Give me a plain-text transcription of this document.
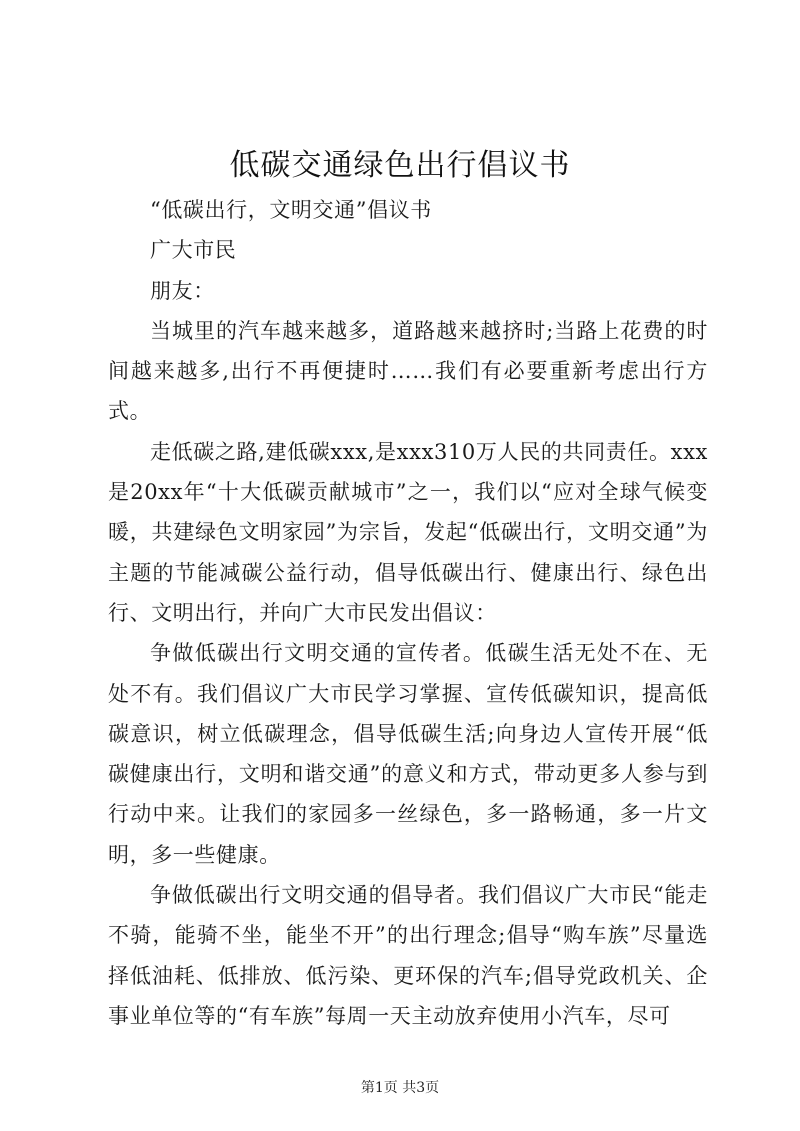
低碳交通绿色出行倡议书

“低碳出行，文明交通”倡议书

广大市民

朋友：

当城里的汽车越来越多，道路越来越挤时;当路上花费的时间越来越多,出行不再便捷时……我们有必要重新考虑出行方式。

走低碳之路,建低碳xxx,是xxx310万人民的共同责任。xxx是20xx年“十大低碳贡献城市”之一，我们以“应对全球气候变暖，共建绿色文明家园”为宗旨，发起“低碳出行，文明交通”为主题的节能减碳公益行动，倡导低碳出行、健康出行、绿色出行、文明出行，并向广大市民发出倡议：

争做低碳出行文明交通的宣传者。低碳生活无处不在、无处不有。我们倡议广大市民学习掌握、宣传低碳知识，提高低碳意识，树立低碳理念，倡导低碳生活;向身边人宣传开展“低碳健康出行，文明和谐交通”的意义和方式，带动更多人参与到行动中来。让我们的家园多一丝绿色，多一路畅通，多一片文明，多一些健康。

争做低碳出行文明交通的倡导者。我们倡议广大市民“能走不骑，能骑不坐，能坐不开”的出行理念;倡导“购车族”尽量选择低油耗、低排放、低污染、更环保的汽车;倡导党政机关、企事业单位等的“有车族”每周一天主动放弃使用小汽车，尽可

第1页 共3页
